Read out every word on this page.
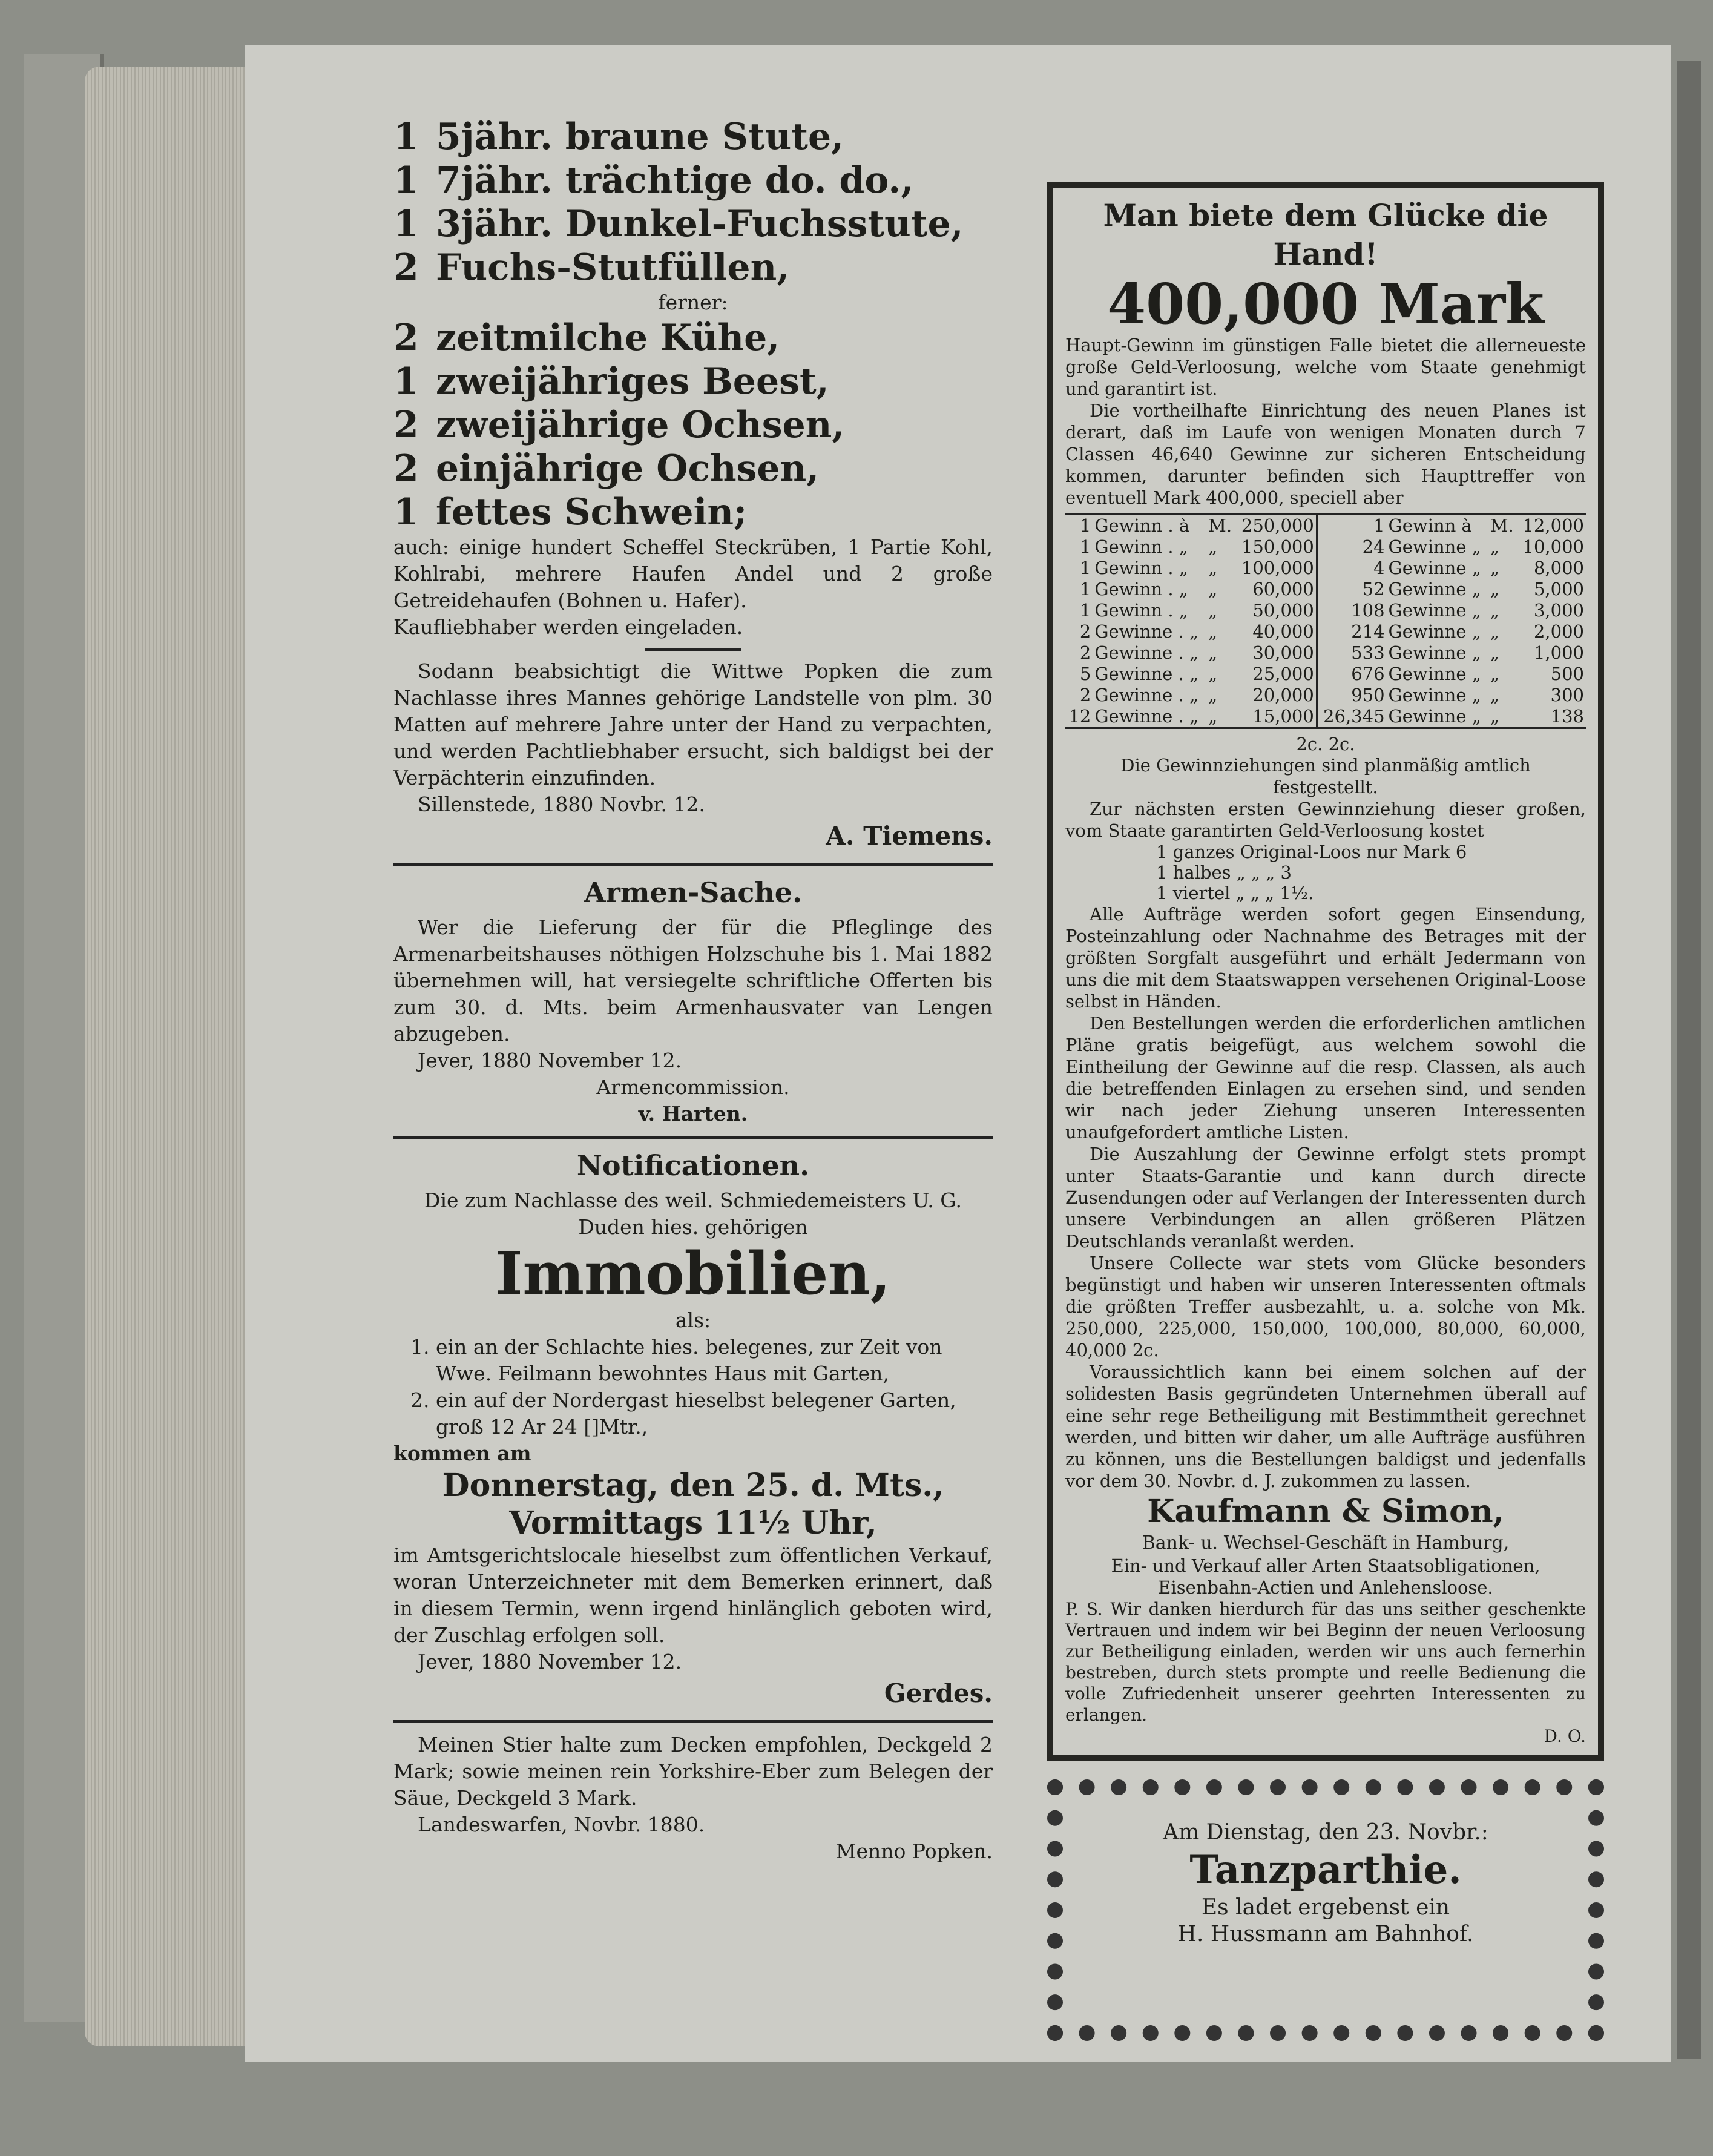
1 5jähr. braune Stute,
1 7jähr. trächtige do. do.,
1 3jähr. Dunkel-Fuchsstute,
2 Fuchs-Stutfüllen,

ferner:

2 zeitmilche Kühe,
1 zweijähriges Beest,
2 zweijährige Ochsen,
2 einjährige Ochsen,
1 fettes Schwein;

auch: einige hundert Scheffel Steckrüben, 1 Partie Kohl, Kohlrabi, mehrere Haufen Andel und 2 große Getreidehaufen (Bohnen u. Hafer).

Kaufliebhaber werden eingeladen.

Sodann beabsichtigt die Wittwe Popken die zum Nachlasse ihres Mannes gehörige Landstelle von plm. 30 Matten auf mehrere Jahre unter der Hand zu verpachten, und werden Pachtliebhaber ersucht, sich baldigst bei der Verpächterin einzufinden.

Sillenstede, 1880 Novbr. 12.

A. Tiemens.
Armen-Sache.

Wer die Lieferung der für die Pfleglinge des Armenarbeitshauses nöthigen Holzschuhe bis 1. Mai 1882 übernehmen will, hat versiegelte schriftliche Offerten bis zum 30. d. Mts. beim Armenhausvater van Lengen abzugeben.

Jever, 1880 November 12.

Armencommission.

v. Harten.

Notificationen.

Die zum Nachlasse des weil. Schmiedemeisters U. G. Duden hies. gehörigen

Immobilien,

als:

1. ein an der Schlachte hies. belegenes, zur Zeit von Wwe. Feilmann bewohntes Haus mit Garten,
2. ein auf der Nordergast hieselbst belegener Garten, groß 12 Ar 24 []Mtr.,

kommen am

Donnerstag, den 25. d. Mts.,
Vormittags 11½ Uhr,

im Amtsgerichtslocale hieselbst zum öffentlichen Verkauf, woran Unterzeichneter mit dem Bemerken erinnert, daß in diesem Termin, wenn irgend hinlänglich geboten wird, der Zuschlag erfolgen soll.

Jever, 1880 November 12.

Gerdes.

Meinen Stier halte zum Decken empfohlen, Deckgeld 2 Mark; sowie meinen rein Yorkshire-Eber zum Belegen der Säue, Deckgeld 3 Mark.

Landeswarfen, Novbr. 1880.

Menno Popken.

Man biete dem Glücke die Hand!
400,000 Mark

Haupt-Gewinn im günstigen Falle bietet die allerneueste große Geld-Verloosung, welche vom Staate genehmigt und garantirt ist.

Die vortheilhafte Einrichtung des neuen Planes ist derart, daß im Laufe von wenigen Monaten durch 7 Classen 46,640 Gewinne zur sicheren Entscheidung kommen, darunter befinden sich Haupttreffer von eventuell Mark 400,000, speciell aber

1	Gewinn . à	M.	250,000	1	Gewinn à	M.	12,000
1	Gewinn . „	„	150,000	24	Gewinne „	„	10,000
1	Gewinn . „	„	100,000	4	Gewinne „	„	8,000
1	Gewinn . „	„	60,000	52	Gewinne „	„	5,000
1	Gewinn . „	„	50,000	108	Gewinne „	„	3,000
2	Gewinne . „	„	40,000	214	Gewinne „	„	2,000
2	Gewinne . „	„	30,000	533	Gewinne „	„	1,000
5	Gewinne . „	„	25,000	676	Gewinne „	„	500
2	Gewinne . „	„	20,000	950	Gewinne „	„	300
12	Gewinne . „	„	15,000	26,345	Gewinne „	„	138

2c. 2c.

Die Gewinnziehungen sind planmäßig amtlich festgestellt.

Zur nächsten ersten Gewinnziehung dieser großen, vom Staate garantirten Geld-Verloosung kostet

1 ganzes Original-Loos nur Mark 6
1 halbes „ „ „ 3
1 viertel „ „ „ 1½.

Alle Aufträge werden sofort gegen Einsendung, Posteinzahlung oder Nachnahme des Betrages mit der größten Sorgfalt ausgeführt und erhält Jedermann von uns die mit dem Staatswappen versehenen Original-Loose selbst in Händen.

Den Bestellungen werden die erforderlichen amtlichen Pläne gratis beigefügt, aus welchem sowohl die Eintheilung der Gewinne auf die resp. Classen, als auch die betreffenden Einlagen zu ersehen sind, und senden wir nach jeder Ziehung unseren Interessenten unaufgefordert amtliche Listen.

Die Auszahlung der Gewinne erfolgt stets prompt unter Staats-Garantie und kann durch directe Zusendungen oder auf Verlangen der Interessenten durch unsere Verbindungen an allen größeren Plätzen Deutschlands veranlaßt werden.

Unsere Collecte war stets vom Glücke besonders begünstigt und haben wir unseren Interessenten oftmals die größten Treffer ausbezahlt, u. a. solche von Mk. 250,000, 225,000, 150,000, 100,000, 80,000, 60,000, 40,000 2c.

Voraussichtlich kann bei einem solchen auf der solidesten Basis gegründeten Unternehmen überall auf eine sehr rege Betheiligung mit Bestimmtheit gerechnet werden, und bitten wir daher, um alle Aufträge ausführen zu können, uns die Bestellungen baldigst und jedenfalls vor dem 30. Novbr. d. J. zukommen zu lassen.

Kaufmann & Simon,

Bank- u. Wechsel-Geschäft in Hamburg,

Ein- und Verkauf aller Arten Staatsobligationen, Eisenbahn-Actien und Anlehensloose.

P. S. Wir danken hierdurch für das uns seither geschenkte Vertrauen und indem wir bei Beginn der neuen Verloosung zur Betheiligung einladen, werden wir uns auch fernerhin bestreben, durch stets prompte und reelle Bedienung die volle Zufriedenheit unserer geehrten Interessenten zu erlangen.

D. O.

Am Dienstag, den 23. Novbr.:

Tanzparthie.

Es ladet ergebenst ein

H. Hussmann am Bahnhof.
